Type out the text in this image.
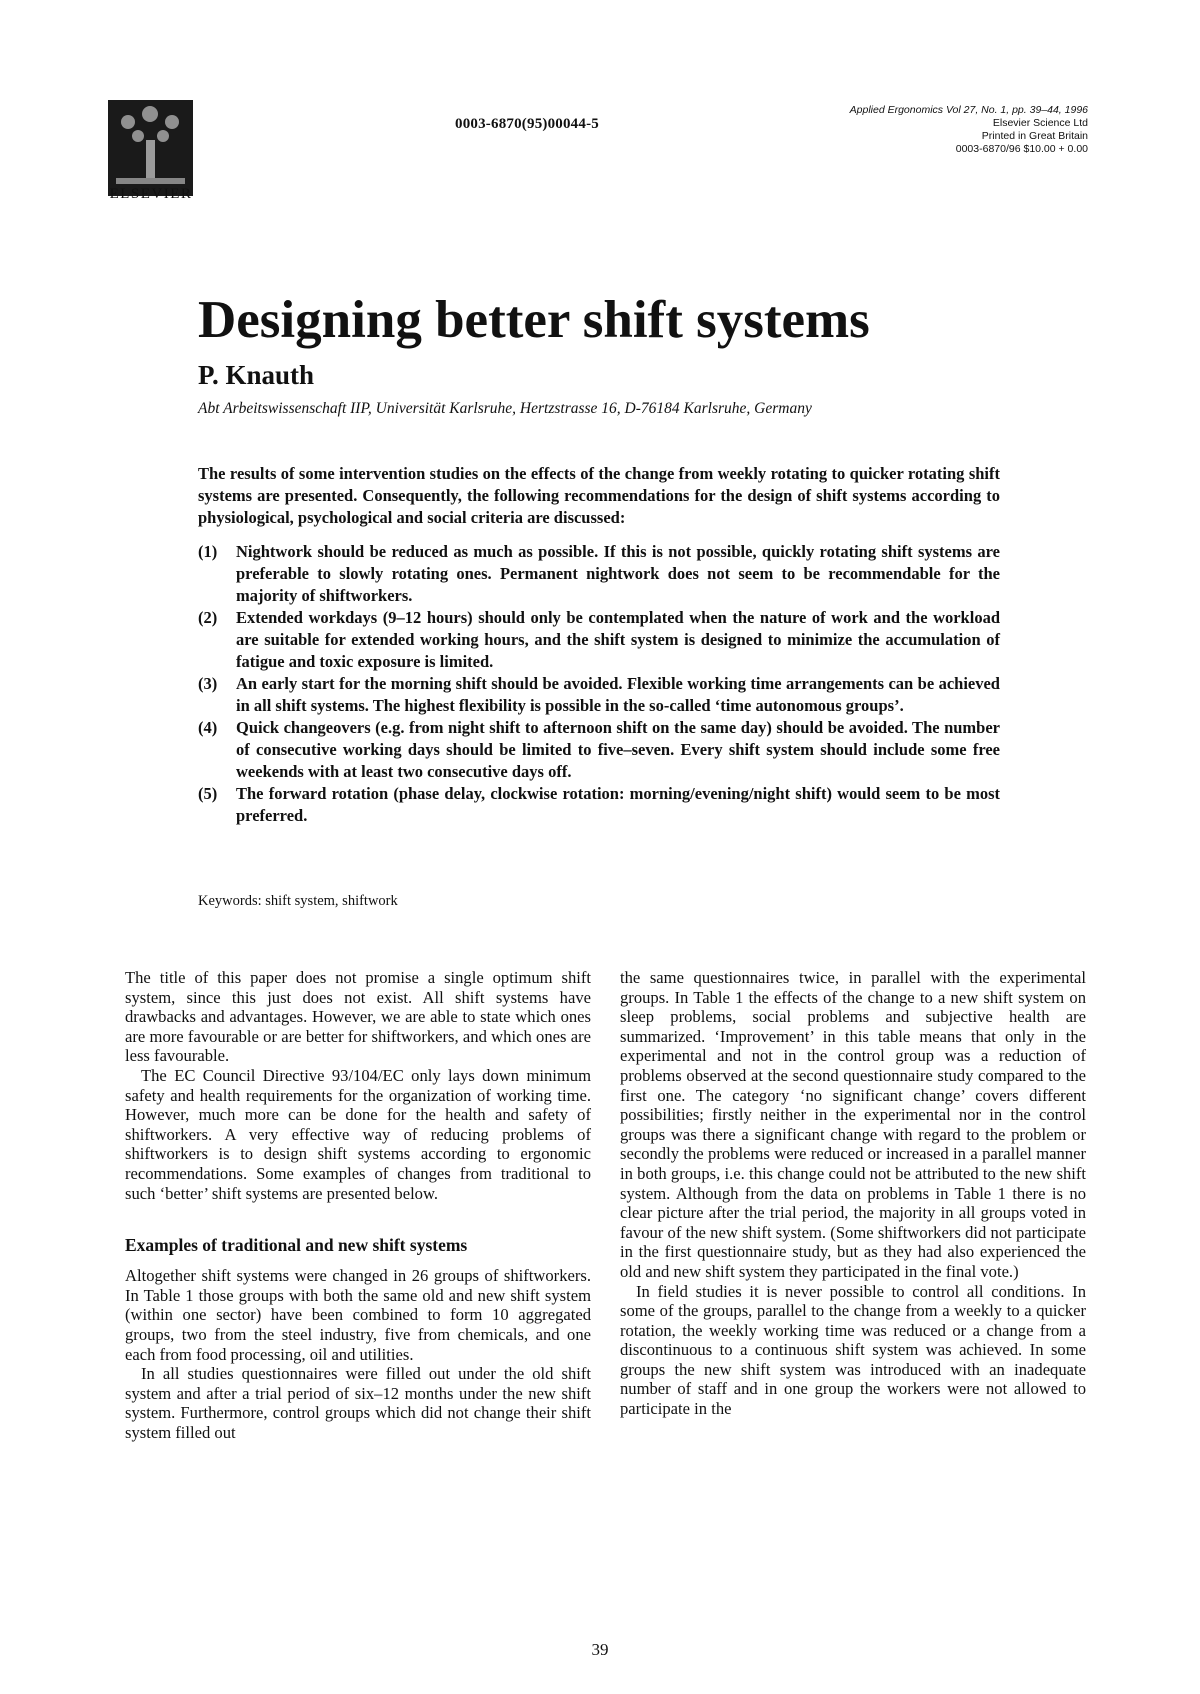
ELSEVIER
0003-6870(95)00044-5
Applied Ergonomics Vol 27, No. 1, pp. 39–44, 1996
Elsevier Science Ltd
Printed in Great Britain
0003-6870/96 $10.00 + 0.00
Designing better shift systems
P. Knauth
Abt Arbeitswissenschaft IIP, Universität Karlsruhe, Hertzstrasse 16, D-76184 Karlsruhe, Germany

The results of some intervention studies on the effects of the change from weekly rotating to quicker rotating shift systems are presented. Consequently, the following recommendations for the design of shift systems according to physiological, psychological and social criteria are discussed:

(1)	Nightwork should be reduced as much as possible. If this is not possible, quickly rotating shift systems are preferable to slowly rotating ones. Permanent nightwork does not seem to be recommendable for the majority of shiftworkers.
(2)	Extended workdays (9–12 hours) should only be contemplated when the nature of work and the workload are suitable for extended working hours, and the shift system is designed to minimize the accumulation of fatigue and toxic exposure is limited.
(3)	An early start for the morning shift should be avoided. Flexible working time arrangements can be achieved in all shift systems. The highest flexibility is possible in the so-called ‘time autonomous groups’.
(4)	Quick changeovers (e.g. from night shift to afternoon shift on the same day) should be avoided. The number of consecutive working days should be limited to five–seven. Every shift system should include some free weekends with at least two consecutive days off.
(5)	The forward rotation (phase delay, clockwise rotation: morning/evening/night shift) would seem to be most preferred.
Keywords: shift system, shiftwork

The title of this paper does not promise a single optimum shift system, since this just does not exist. All shift systems have drawbacks and advantages. However, we are able to state which ones are more favourable or are better for shiftworkers, and which ones are less favourable.

The EC Council Directive 93/104/EC only lays down minimum safety and health requirements for the organization of working time. However, much more can be done for the health and safety of shiftworkers. A very effective way of reducing problems of shiftworkers is to design shift systems according to ergonomic recommendations. Some examples of changes from traditional to such ‘better’ shift systems are presented below.

Examples of traditional and new shift systems

Altogether shift systems were changed in 26 groups of shiftworkers. In Table 1 those groups with both the same old and new shift system (within one sector) have been combined to form 10 aggregated groups, two from the steel industry, five from chemicals, and one each from food processing, oil and utilities.

In all studies questionnaires were filled out under the old shift system and after a trial period of six–12 months under the new shift system. Furthermore, control groups which did not change their shift system filled out

the same questionnaires twice, in parallel with the experimental groups. In Table 1 the effects of the change to a new shift system on sleep problems, social problems and subjective health are summarized. ‘Improvement’ in this table means that only in the experimental and not in the control group was a reduction of problems observed at the second questionnaire study compared to the first one. The category ‘no significant change’ covers different possibilities; firstly neither in the experimental nor in the control groups was there a significant change with regard to the problem or secondly the problems were reduced or increased in a parallel manner in both groups, i.e. this change could not be attributed to the new shift system. Although from the data on problems in Table 1 there is no clear picture after the trial period, the majority in all groups voted in favour of the new shift system. (Some shiftworkers did not participate in the first questionnaire study, but as they had also experienced the old and new shift system they participated in the final vote.)

In field studies it is never possible to control all conditions. In some of the groups, parallel to the change from a weekly to a quicker rotation, the weekly working time was reduced or a change from a discontinuous to a continuous shift system was achieved. In some groups the new shift system was introduced with an inadequate number of staff and in one group the workers were not allowed to participate in the

39
